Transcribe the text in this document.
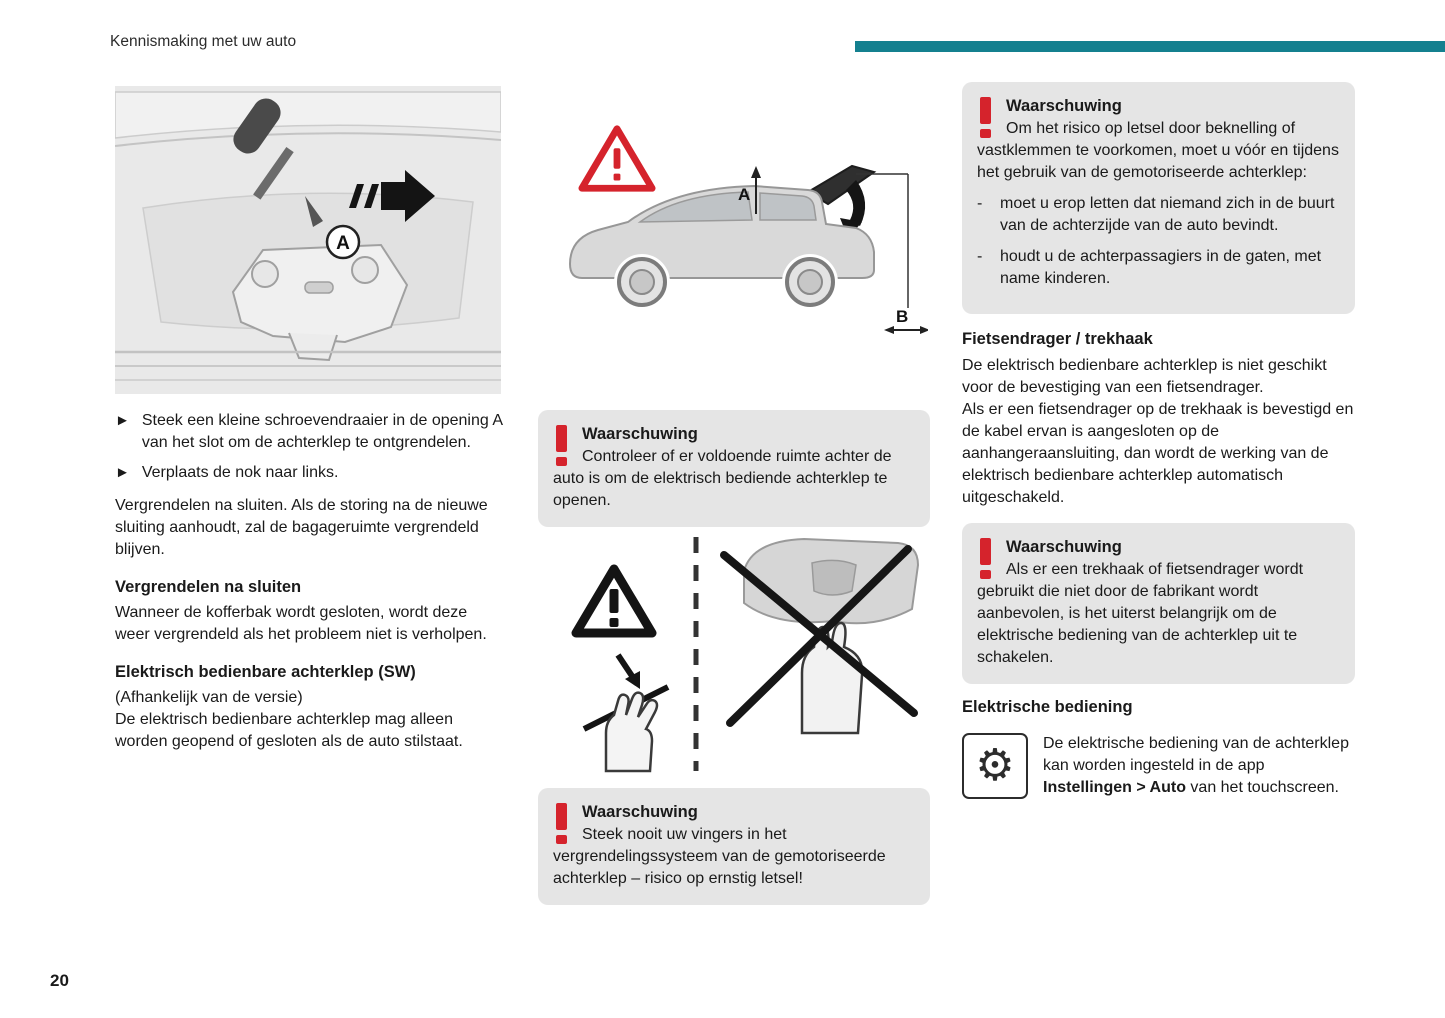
Kennismaking met uw auto
A
► Steek een kleine schroevendraaier in de opening A van het slot om de achterklep te ontgrendelen.
► Verplaats de nok naar links.

Vergrendelen na sluiten. Als de storing na de nieuwe sluiting aanhoudt, zal de bagageruimte vergrendeld blijven.

Vergrendelen na sluiten

Wanneer de kofferbak wordt gesloten, wordt deze weer vergrendeld als het probleem niet is verholpen.

Elektrisch bedienbare achterklep (SW)

(Afhankelijk van de versie)

De elektrisch bedienbare achterklep mag alleen worden geopend of gesloten als de auto stilstaat.

20
A
B
Waarschuwing
Controleer of er voldoende ruimte achter de auto is om de elektrisch bediende achterklep te openen.
Waarschuwing
Steek nooit uw vingers in het vergrendelingssysteem van de gemotoriseerde achterklep – risico op ernstig letsel!
Waarschuwing
Om het risico op letsel door beknelling of vastklemmen te voorkomen, moet u vóór en tijdens het gebruik van de gemotoriseerde achterklep:
- moet u erop letten dat niemand zich in de buurt van de achterzijde van de auto bevindt.
- houdt u de achterpassagiers in de gaten, met name kinderen.
Fietsendrager / trekhaak

De elektrisch bedienbare achterklep is niet geschikt voor de bevestiging van een fietsendrager.

Als er een fietsendrager op de trekhaak is bevestigd en de kabel ervan is aangesloten op de aanhangeraansluiting, dan wordt de werking van de elektrisch bedienbare achterklep automatisch uitgeschakeld.

Waarschuwing
Als er een trekhaak of fietsendrager wordt gebruikt die niet door de fabrikant wordt aanbevolen, is het uiterst belangrijk om de elektrische bediening van de achterklep uit te schakelen.
Elektrische bediening
⚙ De elektrische bediening van de achterklep kan worden ingesteld in de app Instellingen > Auto van het touchscreen.
